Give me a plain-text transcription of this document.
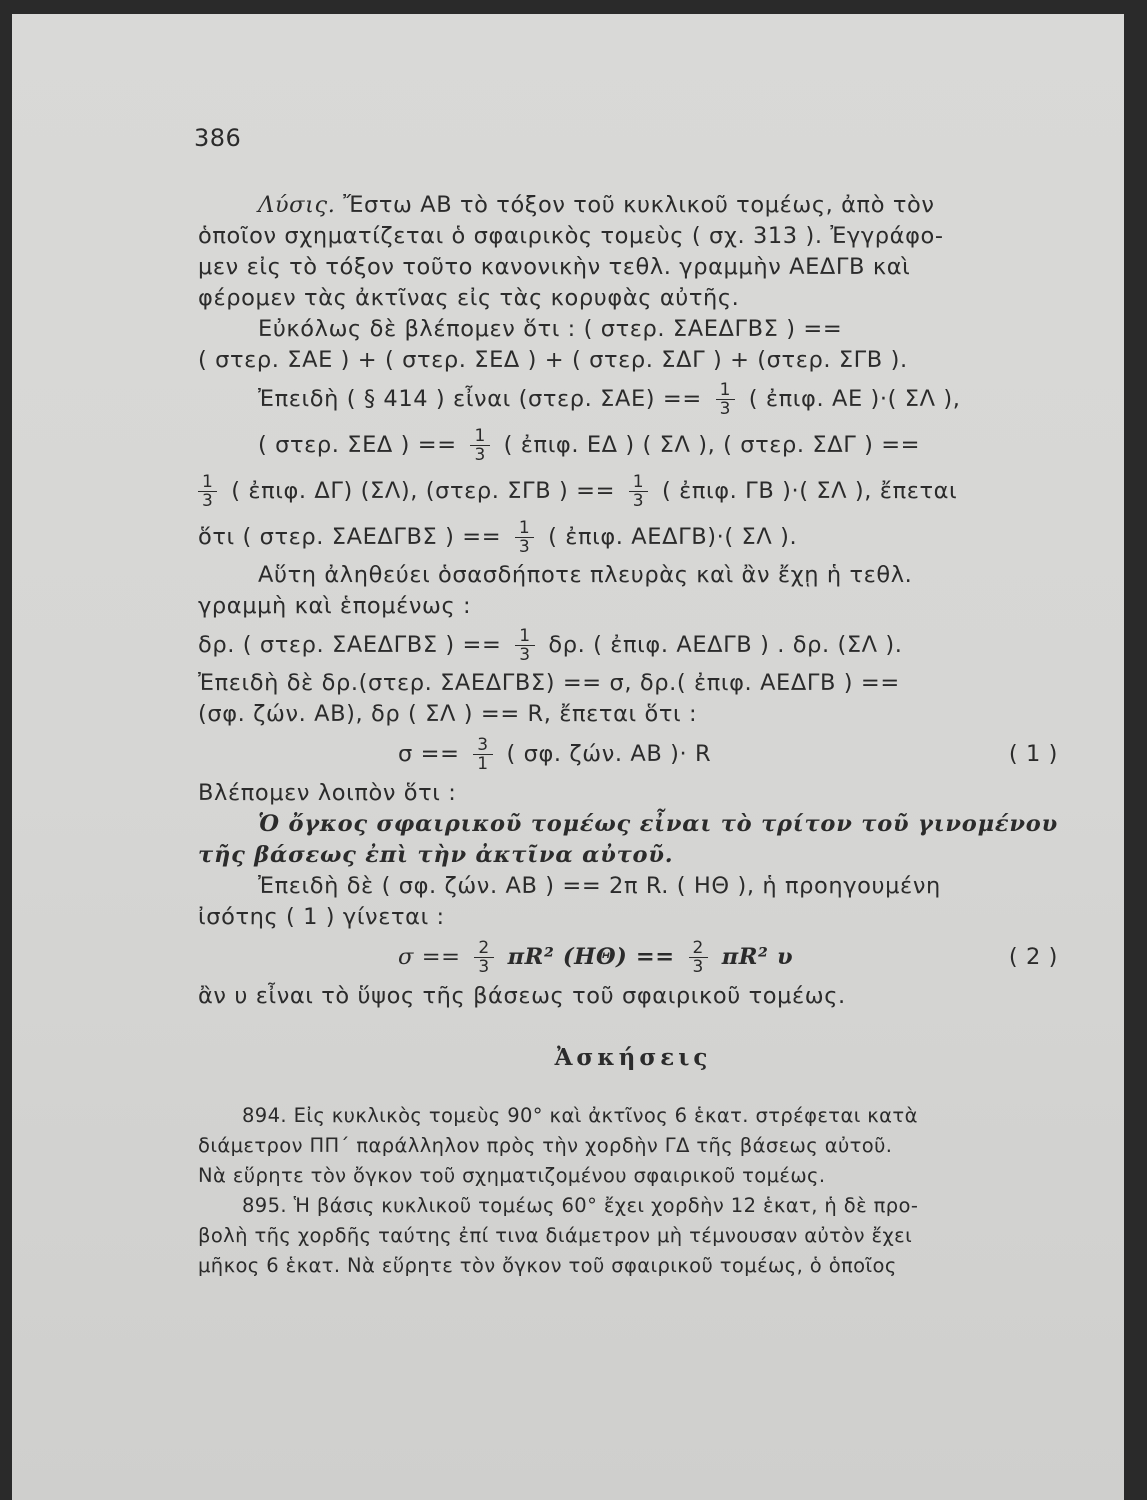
386

Λύσις. Ἔστω ΑΒ τὸ τόξον τοῦ κυκλικοῦ τομέως, ἀπὸ τὸν

ὁποῖον σχηματίζεται ὁ σφαιρικὸς τομεὺς ( σχ. 313 ). Ἐγγράφο-

μεν εἰς τὸ τόξον τοῦτο κανονικὴν τεθλ. γραμμὴν ΑΕΔΓΒ καὶ

φέρομεν τὰς ἀκτῖνας εἰς τὰς κορυφὰς αὐτῆς.

Εὐκόλως δὲ βλέπομεν ὅτι : ( στερ. ΣΑΕΔΓΒΣ ) ==

( στερ. ΣΑΕ ) + ( στερ. ΣΕΔ ) + ( στερ. ΣΔΓ ) + (στερ. ΣΓΒ ).

Ἐπειδὴ ( § 414 ) εἶναι (στερ. $\Sigma AE) == \frac{1}{3}$ ( ἐπιφ. ΑΕ )·( ΣΛ ),

( στερ. ΣΕΔ ) == $\frac{1}{3}$ ( ἐπιφ. ΕΔ ) ( ΣΛ ), ( στερ. ΣΔΓ ) ==

$\frac{1}{3}$ ( ἐπιφ. ΔΓ) (ΣΛ), (στερ. ΣΓΒ ) == $\frac{1}{3}$ ( ἐπιφ. ΓΒ )·( ΣΛ ), ἔπεται

ὅτι ( στερ. ΣΑΕΔΓΒΣ ) == $\frac{1}{3}$ ( ἐπιφ. ΑΕΔΓΒ)·( ΣΛ ).

Αὕτη ἀληθεύει ὁσασδήποτε πλευρὰς καὶ ἂν ἔχῃ ἡ τεθλ.

γραμμὴ καὶ ἑπομένως :

δρ. ( στερ. ΣΑΕΔΓΒΣ ) == $\frac{1}{3} \delta\rho$. ( ἐπιφ. ΑΕΔΓΒ ) . δρ. (ΣΛ ).

Ἐπειδὴ δὲ δρ.(στερ. ΣΑΕΔΓΒΣ) == σ, δρ.( ἐπιφ. ΑΕΔΓΒ ) ==

(σφ. ζών. ΑΒ), δρ ( ΣΛ ) == R, ἔπεται ὅτι :

$\sigma == \frac{3}{1}$ ( σφ. ζών. ΑΒ )· R	( 1 )

Βλέπομεν λοιπὸν ὅτι :

Ὁ ὄγκος σφαιρικοῦ τομέως εἶναι τὸ τρίτον τοῦ γινομένου

τῆς βάσεως ἐπὶ τὴν ἀκτῖνα αὐτοῦ.

Ἐπειδὴ δὲ ( σφ. ζών. ΑΒ ) == 2π R. ( ΗΘ ), ἡ προηγουμένη

ἰσότης ( 1 ) γίνεται :

$\sigma == \frac{2}{3} \pi R^2$ $(H\Theta) == \frac{2}{3} \pi R^2$ υ	( 2 )

ἂν υ εἶναι τὸ ὕψος τῆς βάσεως τοῦ σφαιρικοῦ τομέως.

Ἀσκήσεις

894. Εἰς κυκλικὸς τομεὺς 90° καὶ ἀκτῖνος 6 ἑκατ. στρέφεται κατὰ

διάμετρον ΠΠ΄ παράλληλον πρὸς τὴν χορδὴν ΓΔ τῆς βάσεως αὐτοῦ.

Νὰ εὕρητε τὸν ὄγκον τοῦ σχηματιζομένου σφαιρικοῦ τομέως.

895. Ἡ βάσις κυκλικοῦ τομέως 60° ἔχει χορδὴν 12 ἑκατ, ἡ δὲ προ-

βολὴ τῆς χορδῆς ταύτης ἐπί τινα διάμετρον μὴ τέμνουσαν αὐτὸν ἔχει

μῆκος 6 ἑκατ. Νὰ εὕρητε τὸν ὄγκον τοῦ σφαιρικοῦ τομέως, ὁ ὁποῖος
